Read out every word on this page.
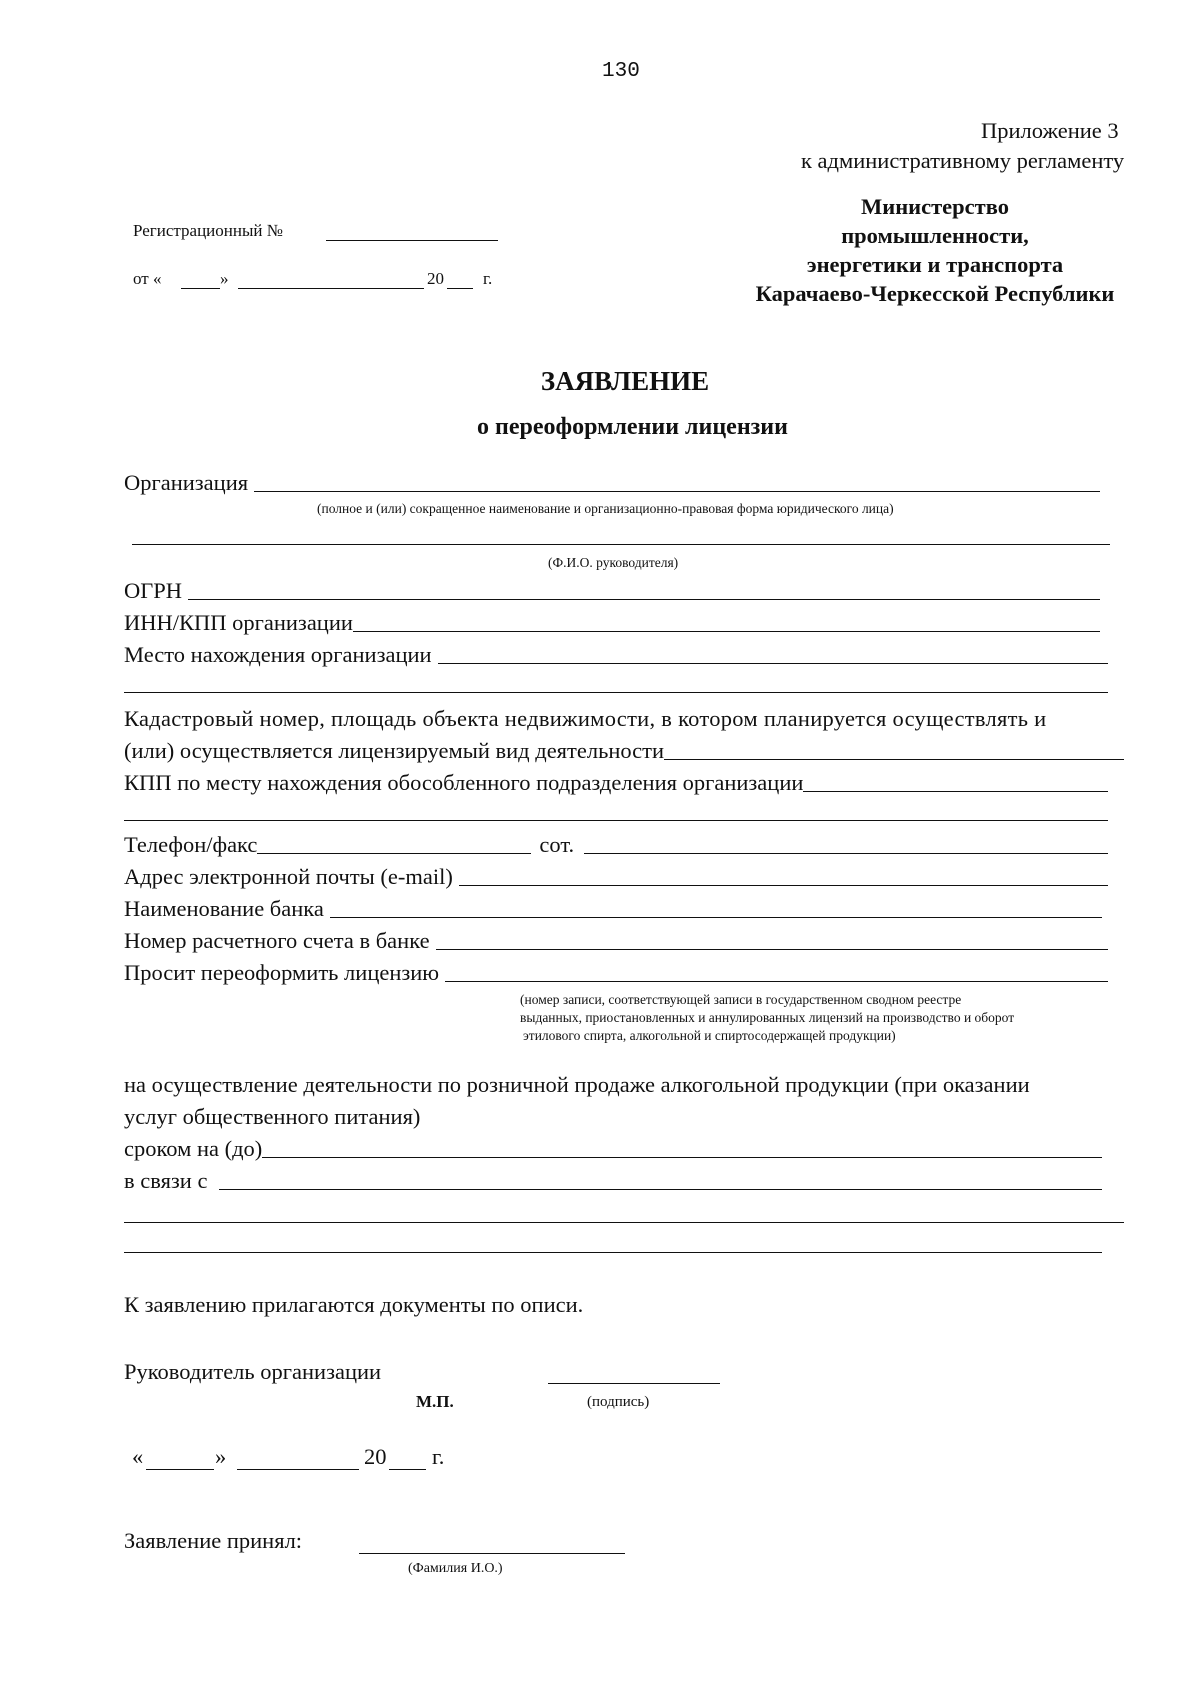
130
Приложение 3
к административному регламенту
Регистрационный №
от «	»	20 г.
Министерство
промышленности,
энергетики и транспорта
Карачаево-Черкесской Республики
ЗАЯВЛЕНИЕ
о переоформлении лицензии
Организация
(полное и (или) сокращенное наименование и организационно-правовая форма юридического лица)
(Ф.И.О. руководителя)
ОГРН
ИНН/КПП организации
Место нахождения организации
Кадастровый номер, площадь объекта недвижимости, в котором планируется осуществлять и
(или) осуществляется лицензируемый вид деятельности
КПП по месту нахождения обособленного подразделения организации
Телефон/факс	сот.
Адрес электронной почты (e-mail)
Наименование банка
Номер расчетного счета в банке
Просит переоформить лицензию
(номер записи, соответствующей записи в государственном сводном реестре
выданных, приостановленных и аннулированных лицензий на производство и оборот
этилового спирта, алкогольной и спиртосодержащей продукции)
на осуществление деятельности по розничной продаже алкогольной продукции (при оказании
услуг общественного питания)
сроком на (до)
в связи с
К заявлению прилагаются документы по описи.
Руководитель организации
М.П.	(подпись)
«	»	20 г.
Заявление принял:
(Фамилия И.О.)
